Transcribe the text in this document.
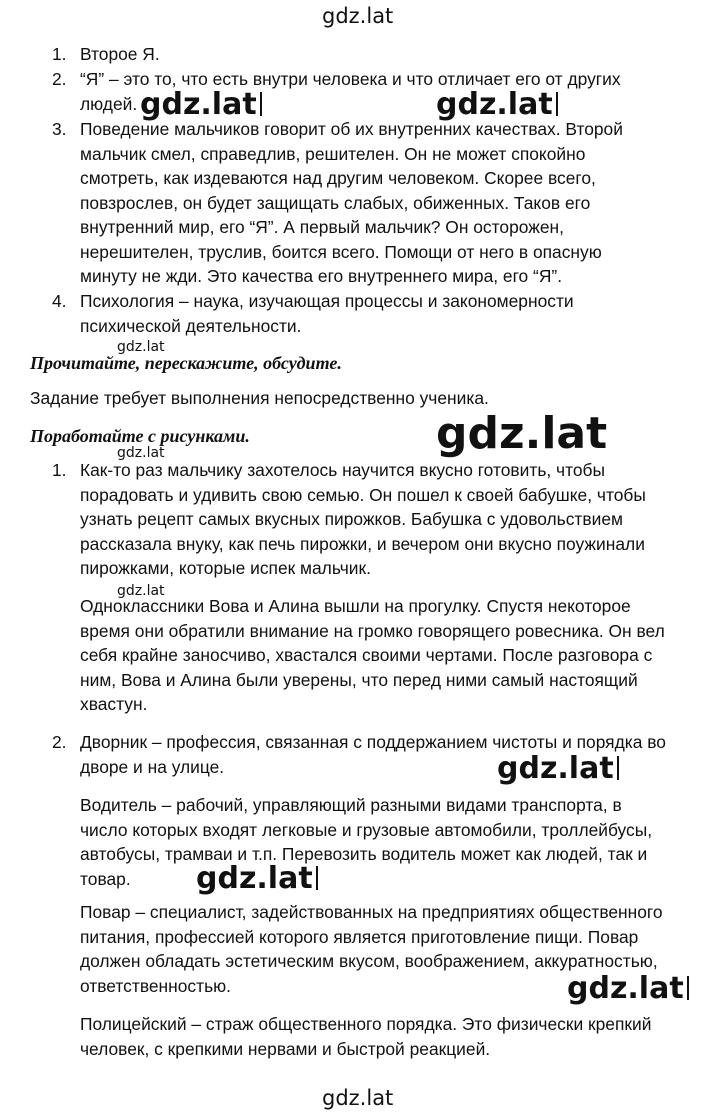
gdz.lat
1. Второе Я.
2. “Я” – это то, что есть внутри человека и что отличает его от других
людей. gdz.lat	gdz.lat
3. Поведение мальчиков говорит об их внутренних качествах. Второй
мальчик смел, справедлив, решителен. Он не может спокойно
смотреть, как издеваются над другим человеком. Скорее всего,
повзрослев, он будет защищать слабых, обиженных. Таков его
внутренний мир, его “Я”. А первый мальчик? Он осторожен,
нерешителен, труслив, боится всего. Помощи от него в опасную
минуту не жди. Это качества его внутреннего мира, его “Я”.
4. Психология – наука, изучающая процессы и закономерности
психической деятельности.
gdz.lat
Прочитайте, перескажите, обсудите.
Задание требует выполнения непосредственно ученика.
Поработайте с рисунками.	gdz.lat
gdz.lat
1. Как-то раз мальчику захотелось научится вкусно готовить, чтобы
порадовать и удивить свою семью. Он пошел к своей бабушке, чтобы
узнать рецепт самых вкусных пирожков. Бабушка с удовольствием
рассказала внуку, как печь пирожки, и вечером они вкусно поужинали
пирожками, которые испек мальчик.
gdz.lat
Одноклассники Вова и Алина вышли на прогулку. Спустя некоторое
время они обратили внимание на громко говорящего ровесника. Он вел
себя крайне заносчиво, хвастался своими чертами. После разговора с
ним, Вова и Алина были уверены, что перед ними самый настоящий
хвастун.
2. Дворник – профессия, связанная с поддержанием чистоты и порядка во
дворе и на улице.	gdz.lat
Водитель – рабочий, управляющий разными видами транспорта, в
число которых входят легковые и грузовые автомобили, троллейбусы,
автобусы, трамваи и т.п. Перевозить водитель может как людей, так и
товар.	gdz.lat
Повар – специалист, задействованных на предприятиях общественного
питания, профессией которого является приготовление пищи. Повар
должен обладать эстетическим вкусом, воображением, аккуратностью,
ответственностью.	gdz.lat
Полицейский – страж общественного порядка. Это физически крепкий
человек, с крепкими нервами и быстрой реакцией.
gdz.lat
